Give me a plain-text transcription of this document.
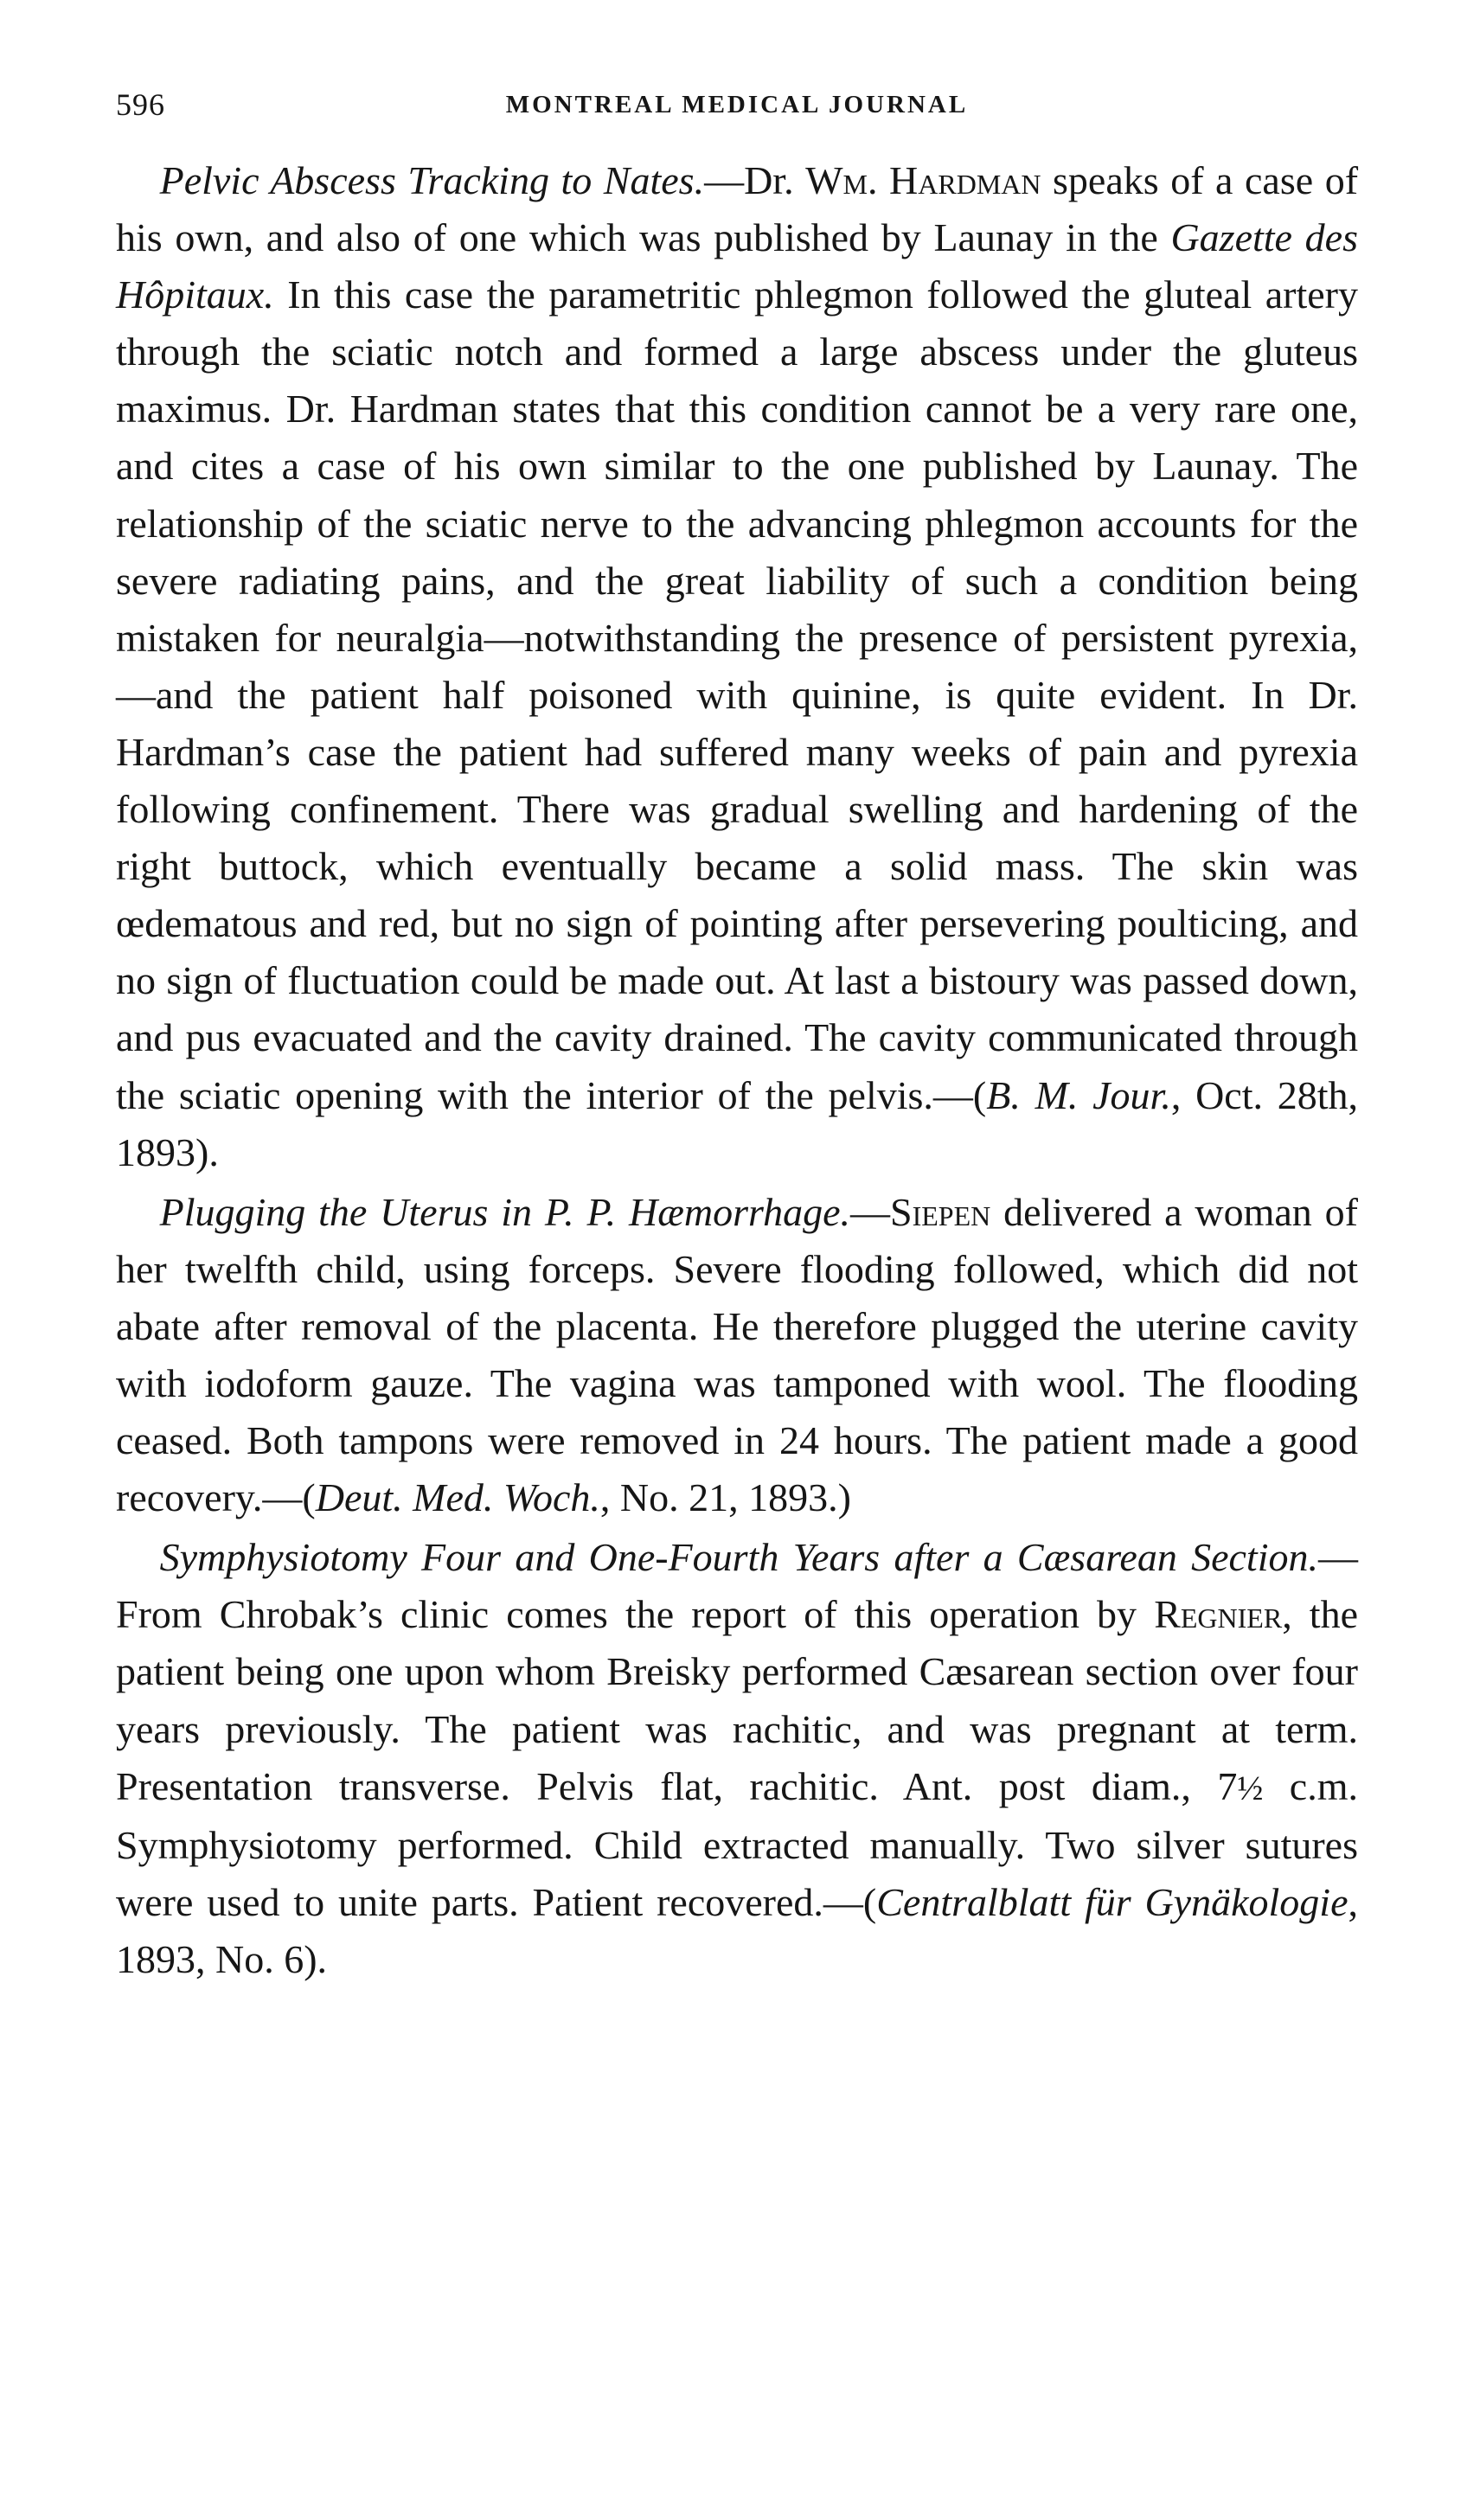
596	MONTREAL MEDICAL JOURNAL

Pelvic Abscess Tracking to Nates.—Dr. Wm. Hardman speaks of a case of his own, and also of one which was published by Launay in the Gazette des Hôpitaux. In this case the parametritic phlegmon followed the gluteal artery through the sciatic notch and formed a large abscess under the gluteus maximus. Dr. Hardman states that this condition cannot be a very rare one, and cites a case of his own similar to the one published by Launay. The relationship of the sciatic nerve to the advancing phlegmon accounts for the severe radiating pains, and the great liability of such a condition being mistaken for neuralgia—notwithstanding the presence of persistent pyrexia,—and the patient half poisoned with quinine, is quite evident. In Dr. Hardman’s case the patient had suffered many weeks of pain and pyrexia following confinement. There was gradual swelling and hardening of the right buttock, which eventually became a solid mass. The skin was œdematous and red, but no sign of pointing after persevering poulticing, and no sign of fluctuation could be made out. At last a bistoury was passed down, and pus evacuated and the cavity drained. The cavity communicated through the sciatic opening with the interior of the pelvis.—(B. M. Jour., Oct. 28th, 1893).

Plugging the Uterus in P. P. Hæmorrhage.—Siepen delivered a woman of her twelfth child, using forceps. Severe flooding followed, which did not abate after removal of the placenta. He therefore plugged the uterine cavity with iodoform gauze. The vagina was tamponed with wool. The flooding ceased. Both tampons were removed in 24 hours. The patient made a good recovery.—(Deut. Med. Woch., No. 21, 1893.)

Symphysiotomy Four and One-Fourth Years after a Cæsarean Section.—From Chrobak’s clinic comes the report of this operation by Regnier, the patient being one upon whom Breisky performed Cæsarean section over four years previously. The patient was rachitic, and was pregnant at term. Presentation transverse. Pelvis flat, rachitic. Ant. post diam., 7½ c.m. Symphysiotomy performed. Child extracted manually. Two silver sutures were used to unite parts. Patient recovered.—(Centralblatt für Gynäkologie, 1893, No. 6).
